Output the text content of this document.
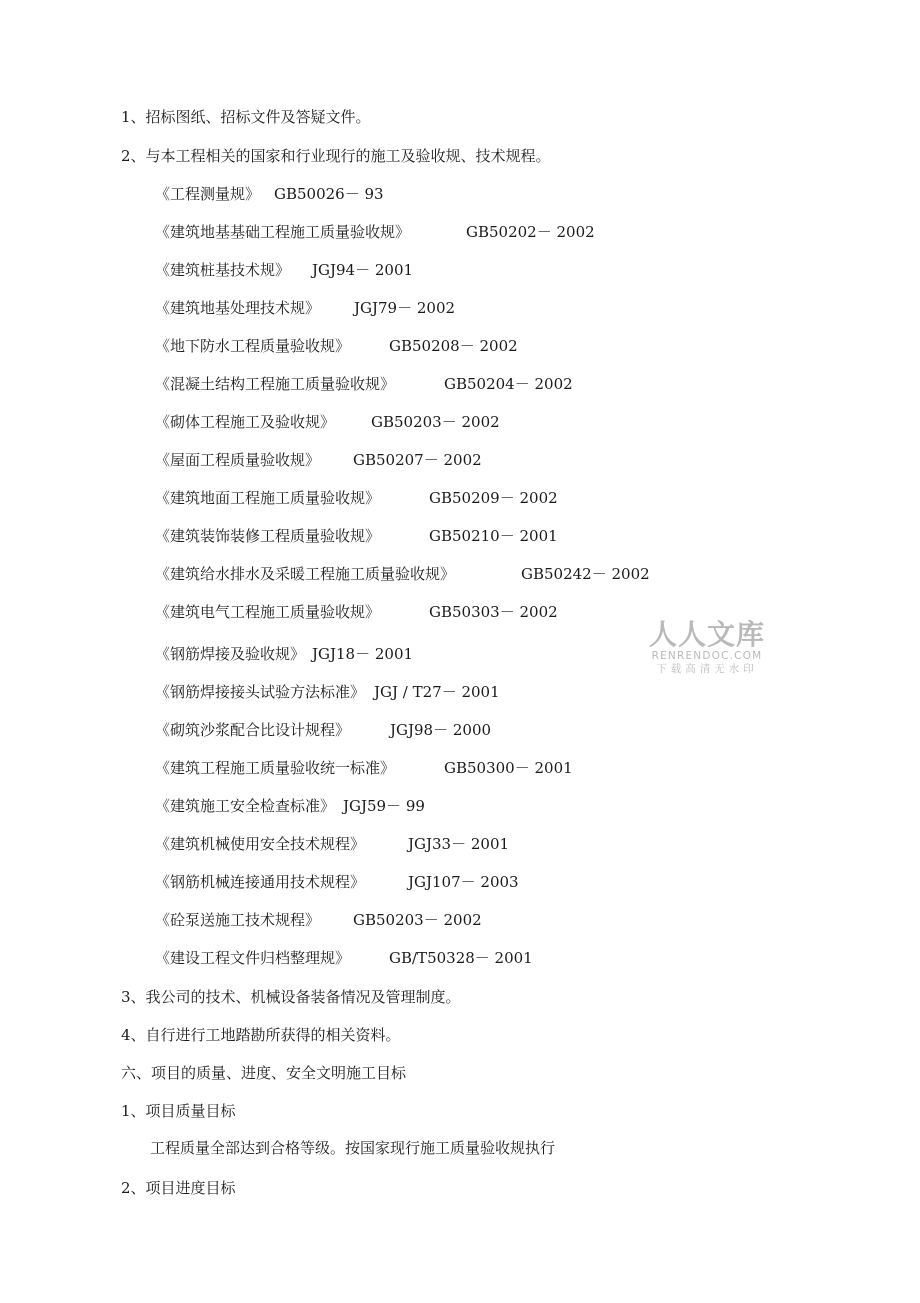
1、招标图纸、招标文件及答疑文件。
2、与本工程相关的国家和行业现行的施工及验收规、技术规程。
《工程测量规》 GB50026－ 93
《建筑地基基础工程施工质量验收规》	GB50202－ 2002
《建筑桩基技术规》 JGJ94－ 2001
《建筑地基处理技术规》 JGJ79－ 2002
《地下防水工程质量验收规》	GB50208－ 2002
《混凝土结构工程施工质量验收规》	GB50204－ 2002
《砌体工程施工及验收规》 GB50203－ 2002
《屋面工程质量验收规》 GB50207－ 2002
《建筑地面工程施工质量验收规》	GB50209－ 2002
《建筑装饰装修工程质量验收规》	GB50210－ 2001
《建筑给水排水及采暖工程施工质量验收规》	GB50242－ 2002
《建筑电气工程施工质量验收规》	GB50303－ 2002
《钢筋焊接及验收规》 JGJ18－ 2001
《钢筋焊接接头试验方法标准》 JGJ / T27－ 2001
《砌筑沙浆配合比设计规程》	JGJ98－ 2000
《建筑工程施工质量验收统一标准》	GB50300－ 2001
《建筑施工安全检查标准》 JGJ59－ 99
《建筑机械使用安全技术规程》	JGJ33－ 2001
《钢筋机械连接通用技术规程》	JGJ107－ 2003
《砼泵送施工技术规程》 GB50203－ 2002
《建设工程文件归档整理规》	GB/T50328－ 2001
3、我公司的技术、机械设备装备情况及管理制度。
4、自行进行工地踏勘所获得的相关资料。
六、项目的质量、进度、安全文明施工目标
1、项目质量目标
工程质量全部达到合格等级。按国家现行施工质量验收规执行
2、项目进度目标
人人文库
RENRENDOC.COM
下载高清无水印
